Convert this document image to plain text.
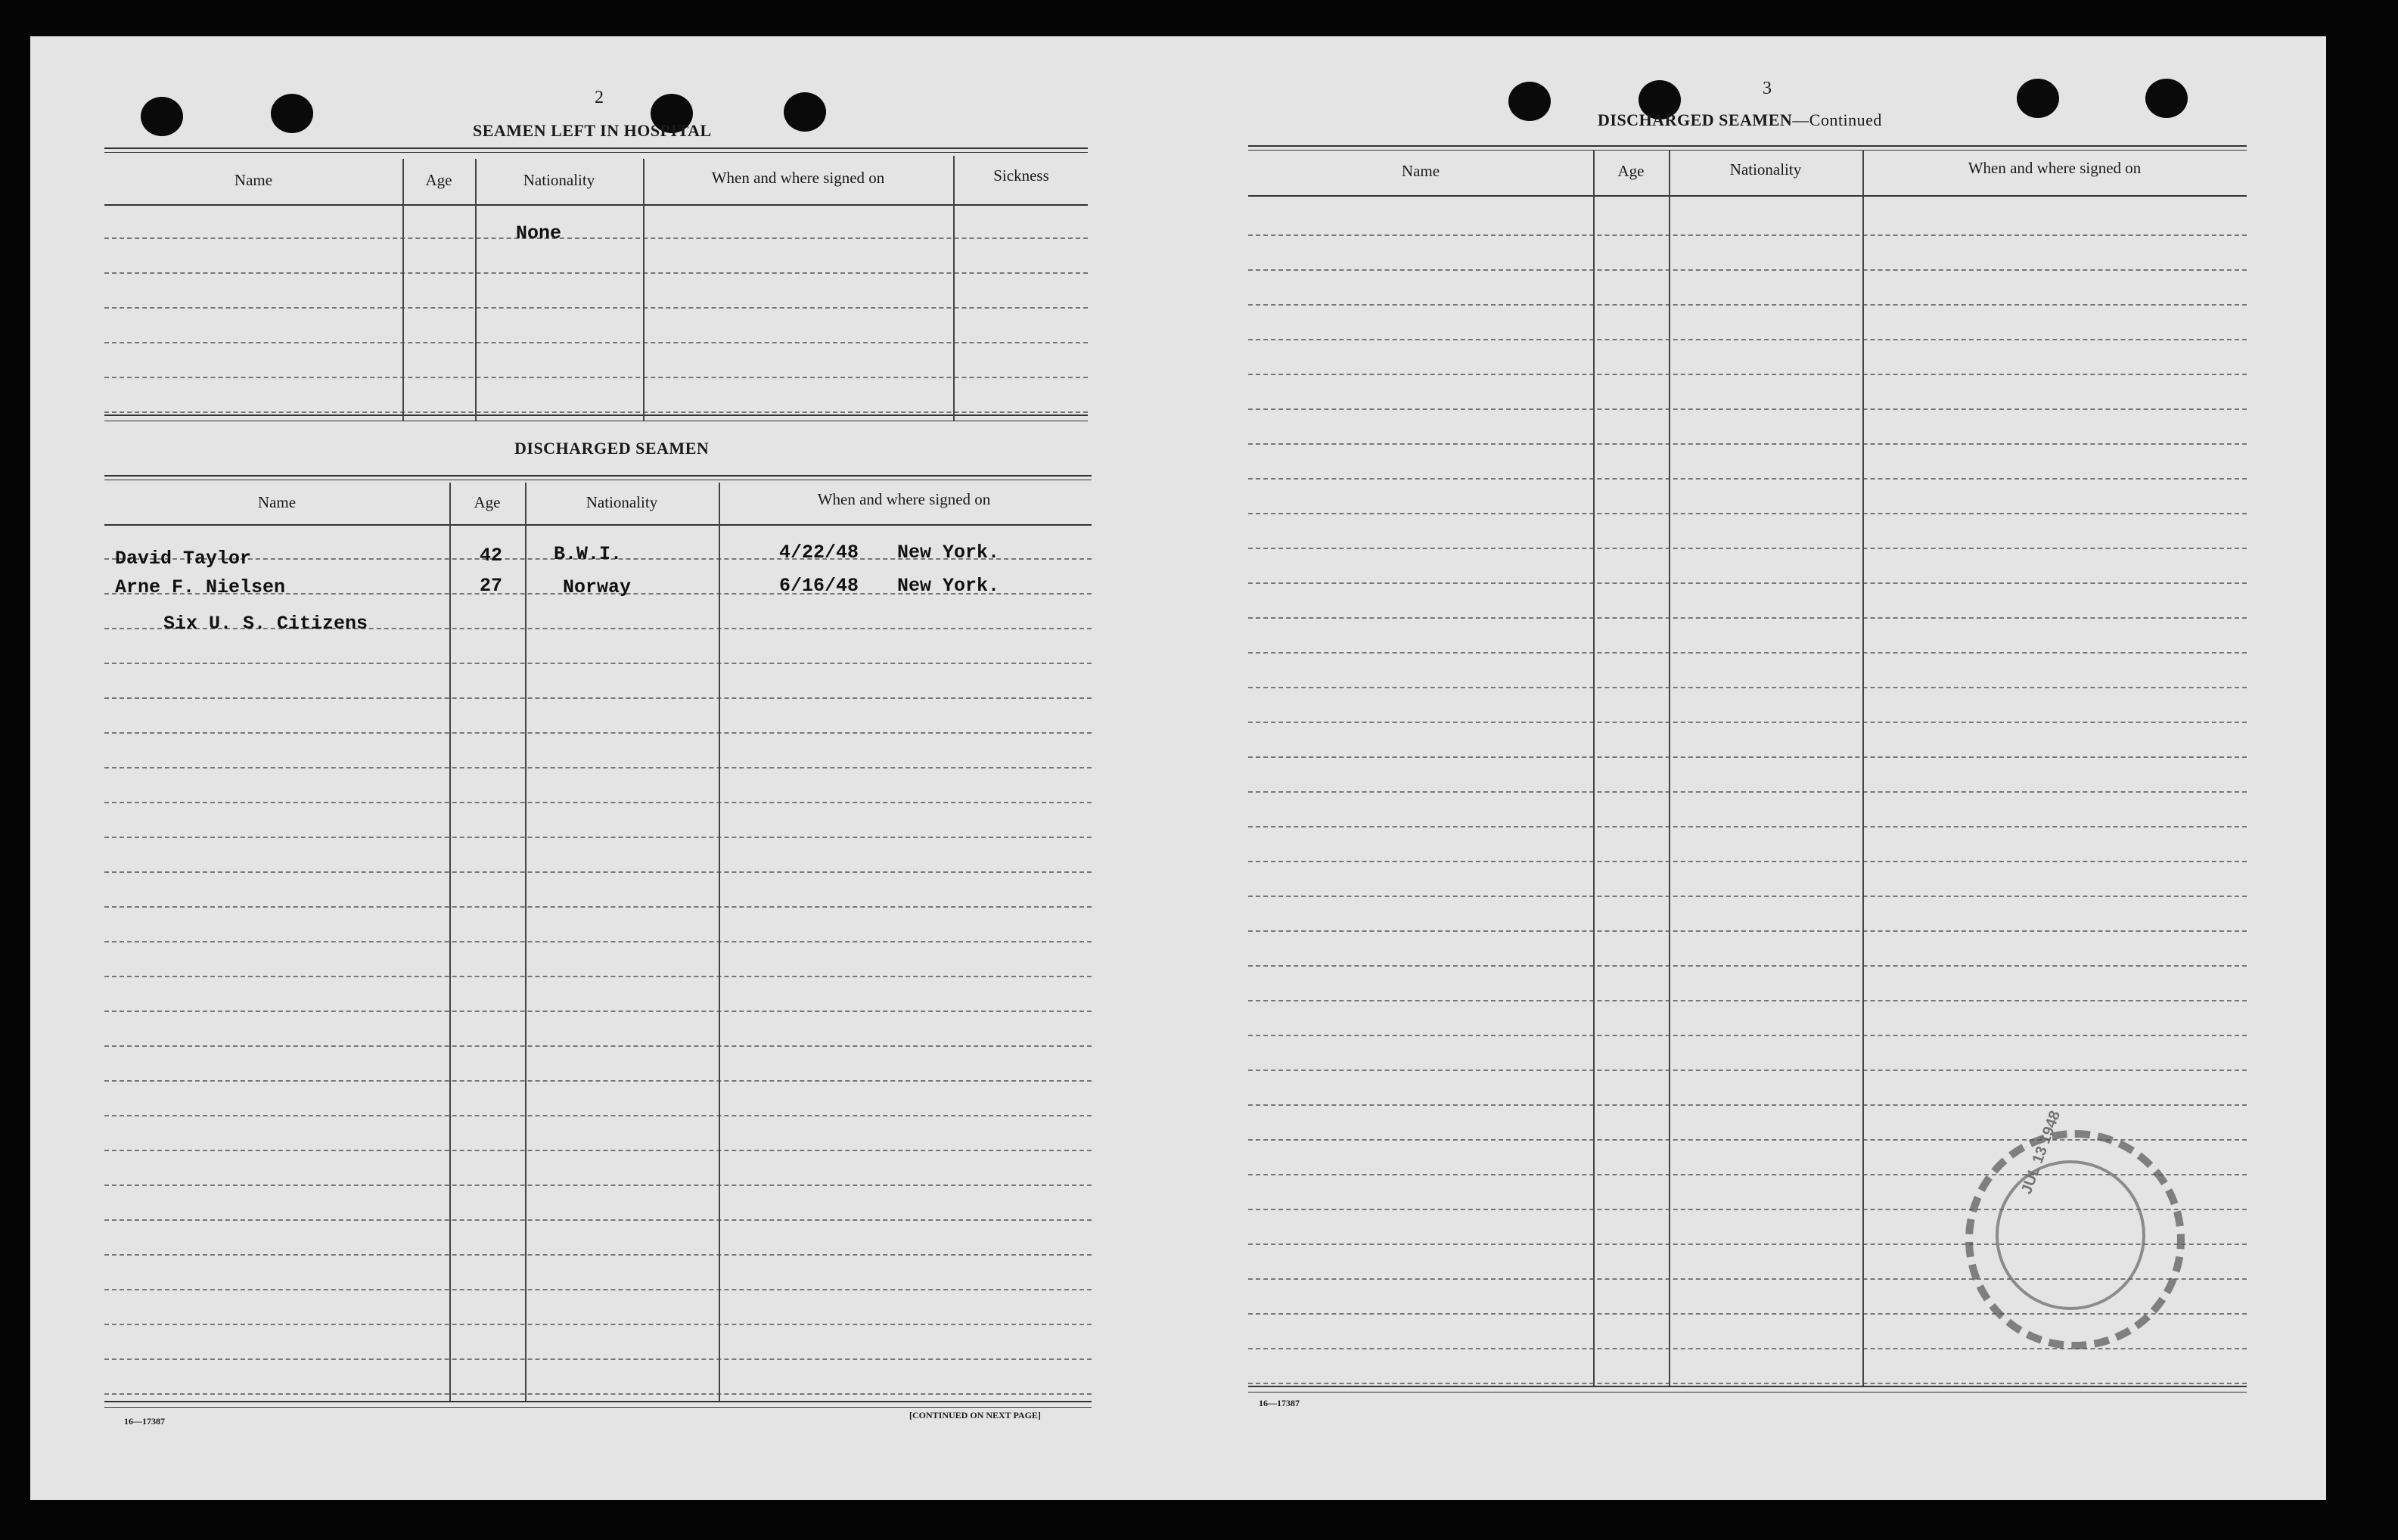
2
SEAMEN LEFT IN HOSPITAL
Name	Age	Nationality	When and where signed on	Sickness
None
DISCHARGED SEAMEN
Name	Age	Nationality	When and where signed on
David Taylor	42	B.W.I.	4/22/48 New York.
Arne F. Nielsen	27	Norway	6/16/48 New York.
Six U. S. Citizens
16—17387
[CONTINUED ON NEXT PAGE]
3
DISCHARGED SEAMEN—Continued
Name	Age	Nationality	When and where signed on
16—17387
JUL 13 1948
